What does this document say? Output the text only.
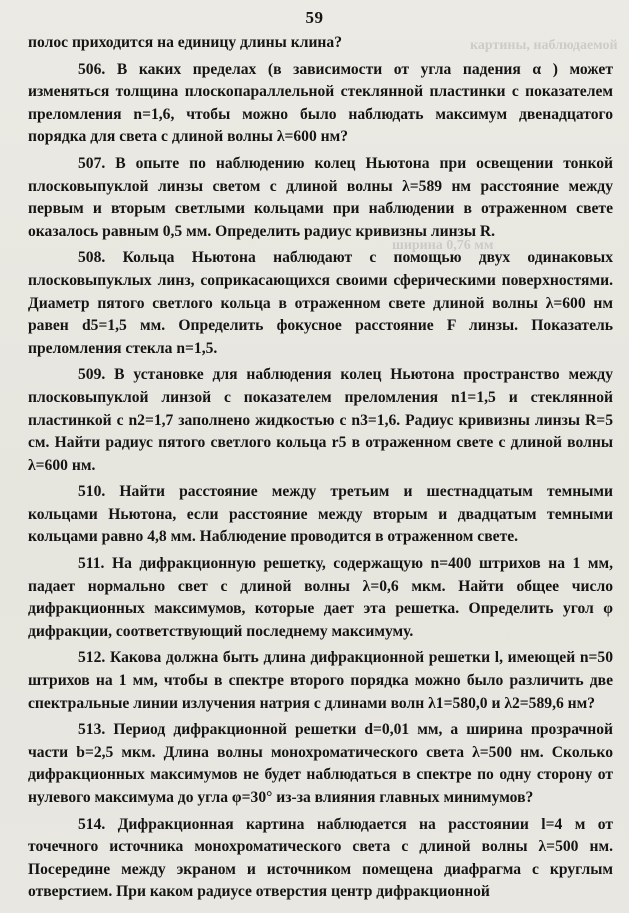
картины, наблюдаемой
ширина 0,76 мм
59

полос приходится на единицу длины клина?

506. В каких пределах (в зависимости от угла падения α ) может изменяться толщина плоскопараллельной стеклянной пластинки с показателем преломления n=1,6, чтобы можно было наблюдать максимум двенадцатого порядка для света с длиной волны λ=600 нм?

507. В опыте по наблюдению колец Ньютона при освещении тонкой плосковыпуклой линзы светом с длиной волны λ=589 нм расстояние между первым и вторым светлыми кольцами при наблюдении в отраженном свете оказалось равным 0,5 мм. Определить радиус кривизны линзы R.

508. Кольца Ньютона наблюдают с помощью двух одинаковых плосковыпуклых линз, соприкасающихся своими сферическими поверхностями. Диаметр пятого светлого кольца в отраженном свете длиной волны λ=600 нм равен d5=1,5 мм. Определить фокусное расстояние F линзы. Показатель преломления стекла n=1,5.

509. В установке для наблюдения колец Ньютона пространство между плосковыпуклой линзой с показателем преломления n1=1,5 и стеклянной пластинкой с n2=1,7 заполнено жидкостью с n3=1,6. Радиус кривизны линзы R=5 см. Найти радиус пятого светлого кольца r5 в отраженном свете с длиной волны λ=600 нм.

510. Найти расстояние между третьим и шестнадцатым темными кольцами Ньютона, если расстояние между вторым и двадцатым темными кольцами равно 4,8 мм. Наблюдение проводится в отраженном свете.

511. На дифракционную решетку, содержащую n=400 штрихов на 1 мм, падает нормально свет с длиной волны λ=0,6 мкм. Найти общее число дифракционных максимумов, которые дает эта решетка. Определить угол φ дифракции, соответствующий последнему максимуму.

512. Какова должна быть длина дифракционной решетки l, имеющей n=50 штрихов на 1 мм, чтобы в спектре второго порядка можно было различить две спектральные линии излучения натрия с длинами волн λ1=580,0 и λ2=589,6 нм?

513. Период дифракционной решетки d=0,01 мм, а ширина прозрачной части b=2,5 мкм. Длина волны монохроматического света λ=500 нм. Сколько дифракционных максимумов не будет наблюдаться в спектре по одну сторону от нулевого максимума до угла φ=30° из-за влияния главных минимумов?

514. Дифракционная картина наблюдается на расстоянии l=4 м от точечного источника монохроматического света с длиной волны λ=500 нм. Посередине между экраном и источником помещена диафрагма с круглым отверстием. При каком радиусе отверстия центр дифракционной
